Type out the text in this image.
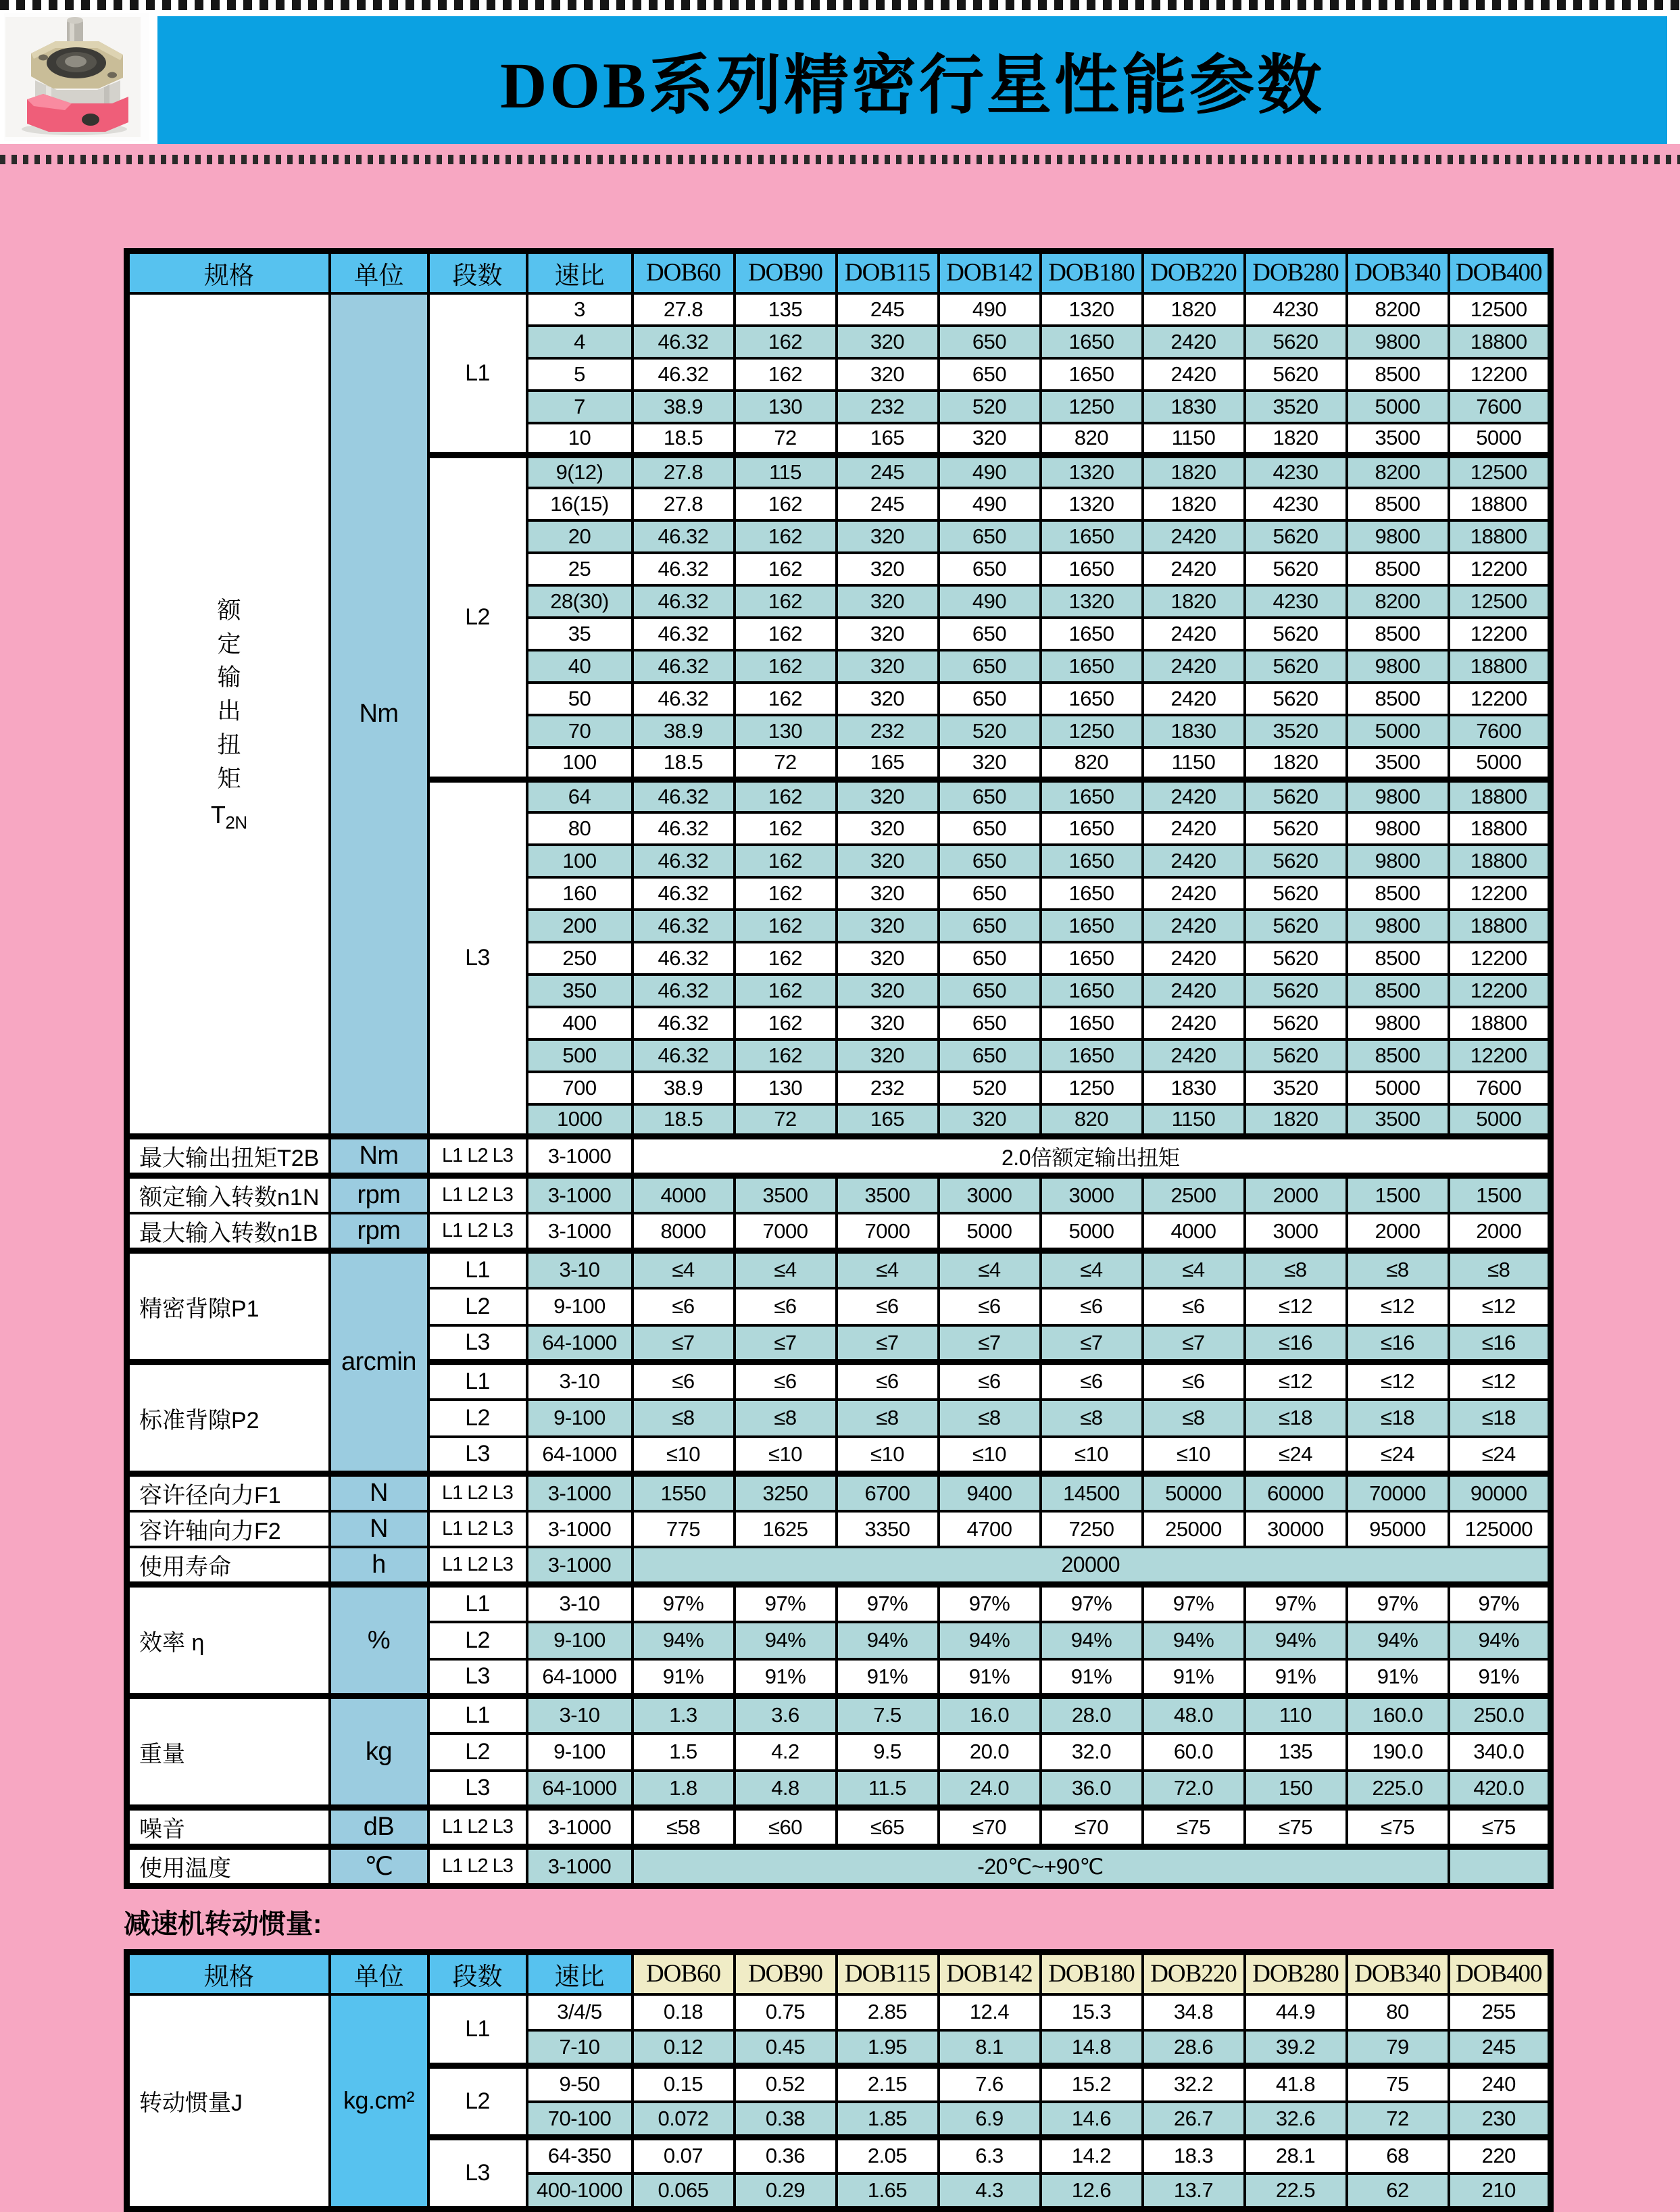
DOB系列精密行星性能参数
规格	单位	段数	速比	DOB60	DOB90	DOB115	DOB142	DOB180	DOB220	DOB280	DOB340	DOB400

额
定
输
出
扭
矩
$T_{2N}$
	Nm	L1	3	27.8	135	245	490	1320	1820	4230	8200	12500
			4	46.32	162	320	650	1650	2420	5620	9800	18800
			5	46.32	162	320	650	1650	2420	5620	8500	12200
			7	38.9	130	232	520	1250	1830	3520	5000	7600
			10	18.5	72	165	320	820	1150	1820	3500	5000
		L2	9(12)	27.8	115	245	490	1320	1820	4230	8200	12500
			16(15)	27.8	162	245	490	1320	1820	4230	8500	18800
			20	46.32	162	320	650	1650	2420	5620	9800	18800
			25	46.32	162	320	650	1650	2420	5620	8500	12200
			28(30)	46.32	162	320	490	1320	1820	4230	8200	12500
			35	46.32	162	320	650	1650	2420	5620	8500	12200
			40	46.32	162	320	650	1650	2420	5620	9800	18800
			50	46.32	162	320	650	1650	2420	5620	8500	12200
			70	38.9	130	232	520	1250	1830	3520	5000	7600
			100	18.5	72	165	320	820	1150	1820	3500	5000
		L3	64	46.32	162	320	650	1650	2420	5620	9800	18800
			80	46.32	162	320	650	1650	2420	5620	9800	18800
			100	46.32	162	320	650	1650	2420	5620	9800	18800
			160	46.32	162	320	650	1650	2420	5620	8500	12200
			200	46.32	162	320	650	1650	2420	5620	9800	18800
			250	46.32	162	320	650	1650	2420	5620	8500	12200
			350	46.32	162	320	650	1650	2420	5620	8500	12200
			400	46.32	162	320	650	1650	2420	5620	9800	18800
			500	46.32	162	320	650	1650	2420	5620	8500	12200
			700	38.9	130	232	520	1250	1830	3520	5000	7600
			1000	18.5	72	165	320	820	1150	1820	3500	5000
最大输出扭矩T2B	Nm	L1 L2 L3	3-1000	2.0倍额定输出扭矩								
额定输入转数n1N	rpm	L1 L2 L3	3-1000	4000	3500	3500	3000	3000	2500	2000	1500	1500
最大输入转数n1B	rpm	L1 L2 L3	3-1000	8000	7000	7000	5000	5000	4000	3000	2000	2000
精密背隙P1	arcmin	L1	3-10	≤4	≤4	≤4	≤4	≤4	≤4	≤8	≤8	≤8
		L2	9-100	≤6	≤6	≤6	≤6	≤6	≤6	≤12	≤12	≤12
		L3	64-1000	≤7	≤7	≤7	≤7	≤7	≤7	≤16	≤16	≤16
标准背隙P2		L1	3-10	≤6	≤6	≤6	≤6	≤6	≤6	≤12	≤12	≤12
		L2	9-100	≤8	≤8	≤8	≤8	≤8	≤8	≤18	≤18	≤18
		L3	64-1000	≤10	≤10	≤10	≤10	≤10	≤10	≤24	≤24	≤24
容许径向力F1	N	L1 L2 L3	3-1000	1550	3250	6700	9400	14500	50000	60000	70000	90000
容许轴向力F2	N	L1 L2 L3	3-1000	775	1625	3350	4700	7250	25000	30000	95000	125000
使用寿命	h	L1 L2 L3	3-1000	20000								
效率 η	%	L1	3-10	97%	97%	97%	97%	97%	97%	97%	97%	97%
		L2	9-100	94%	94%	94%	94%	94%	94%	94%	94%	94%
		L3	64-1000	91%	91%	91%	91%	91%	91%	91%	91%	91%
重量	kg	L1	3-10	1.3	3.6	7.5	16.0	28.0	48.0	110	160.0	250.0
		L2	9-100	1.5	4.2	9.5	20.0	32.0	60.0	135	190.0	340.0
		L3	64-1000	1.8	4.8	11.5	24.0	36.0	72.0	150	225.0	420.0
噪音	dB	L1 L2 L3	3-1000	≤58	≤60	≤65	≤70	≤70	≤75	≤75	≤75	≤75
使用温度	℃	L1 L2 L3	3-1000	-20℃~+90℃								
减速机转动惯量:
规格	单位	段数	速比	DOB60	DOB90	DOB115	DOB142	DOB180	DOB220	DOB280	DOB340	DOB400
转动惯量J	kg.cm²	L1	3/4/5	0.18	0.75	2.85	12.4	15.3	34.8	44.9	80	255
			7-10	0.12	0.45	1.95	8.1	14.8	28.6	39.2	79	245
		L2	9-50	0.15	0.52	2.15	7.6	15.2	32.2	41.8	75	240
			70-100	0.072	0.38	1.85	6.9	14.6	26.7	32.6	72	230
		L3	64-350	0.07	0.36	2.05	6.3	14.2	18.3	28.1	68	220
			400-1000	0.065	0.29	1.65	4.3	12.6	13.7	22.5	62	210
